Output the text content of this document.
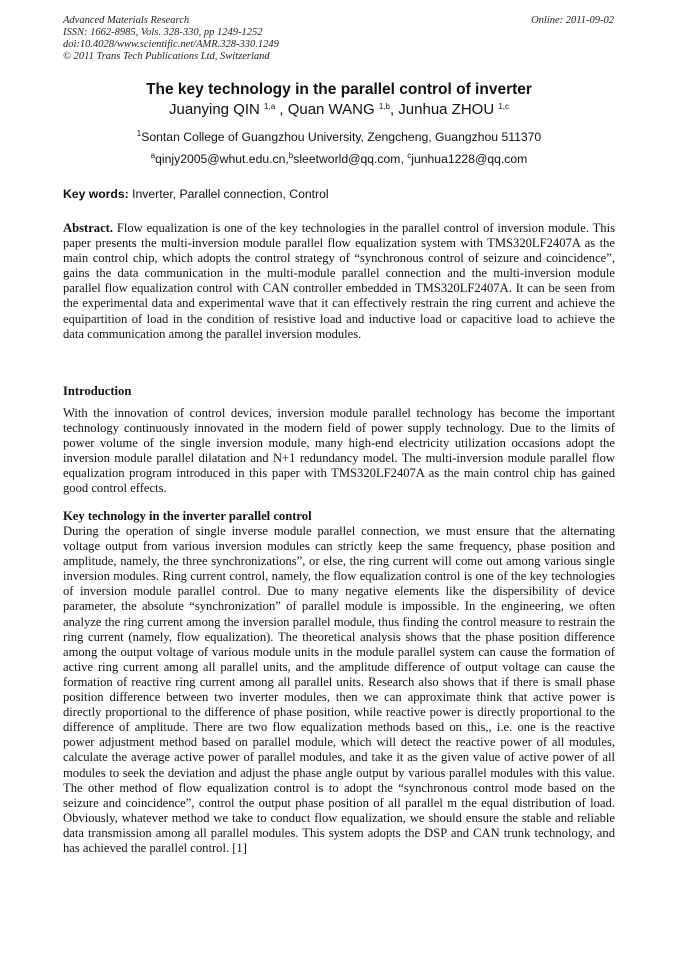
Advanced Materials Research
ISSN: 1662-8985, Vols. 328-330, pp 1249-1252
doi:10.4028/www.scientific.net/AMR.328-330.1249
© 2011 Trans Tech Publications Ltd, Switzerland
Online: 2011-09-02
The key technology in the parallel control of inverter
Juanying QIN $^{1,a}$ , Quan WANG $^{1,b}$, Junhua ZHOU $^{1,c}$
$^1$Sontan College of Guangzhou University, Zengcheng, Guangzhou 511370
$^a$qinjy2005@whut.edu.cn,$^b$sleetworld@qq.com, $^c$junhua1228@qq.com
Key words: Inverter, Parallel connection, Control
Abstract. Flow equalization is one of the key technologies in the parallel control of inversion module. This paper presents the multi-inversion module parallel flow equalization system with TMS320LF2407A as the main control chip, which adopts the control strategy of “synchronous control of seizure and coincidence”, gains the data communication in the multi-module parallel connection and the multi-inversion module parallel flow equalization control with CAN controller embedded in TMS320LF2407A. It can be seen from the experimental data and experimental wave that it can effectively restrain the ring current and achieve the equipartition of load in the condition of resistive load and inductive load or capacitive load to achieve the data communication among the parallel inversion modules.
Introduction
With the innovation of control devices, inversion module parallel technology has become the important technology continuously innovated in the modern field of power supply technology. Due to the limits of power volume of the single inversion module, many high-end electricity utilization occasions adopt the inversion module parallel dilatation and N+1 redundancy model. The multi-inversion module parallel flow equalization program introduced in this paper with TMS320LF2407A as the main control chip has gained good control effects.
Key technology in the inverter parallel control
During the operation of single inverse module parallel connection, we must ensure that the alternating voltage output from various inversion modules can strictly keep the same frequency, phase position and amplitude, namely, the three synchronizations”, or else, the ring current will come out among various single inversion modules. Ring current control, namely, the flow equalization control is one of the key technologies of inversion module parallel control. Due to many negative elements like the dispersibility of device parameter, the absolute “synchronization” of parallel module is impossible. In the engineering, we often analyze the ring current among the inversion parallel module, thus finding the control measure to restrain the ring current (namely, flow equalization). The theoretical analysis shows that the phase position difference among the output voltage of various module units in the module parallel system can cause the formation of active ring current among all parallel units, and the amplitude difference of output voltage can cause the formation of reactive ring current among all parallel units. Research also shows that if there is small phase position difference between two inverter modules, then we can approximate think that active power is directly proportional to the difference of phase position, while reactive power is directly proportional to the difference of amplitude. There are two flow equalization methods based on this,, i.e. one is the reactive power adjustment method based on parallel module, which will detect the reactive power of all modules, calculate the average active power of parallel modules, and take it as the given value of active power of all modules to seek the deviation and adjust the phase angle output by various parallel modules with this value. The other method of flow equalization control is to adopt the “synchronous control mode based on the seizure and coincidence”, control the output phase position of all parallel m the equal distribution of load. Obviously, whatever method we take to conduct flow equalization, we should ensure the stable and reliable data transmission among all parallel modules. This system adopts the DSP and CAN trunk technology, and has achieved the parallel control. [1]
